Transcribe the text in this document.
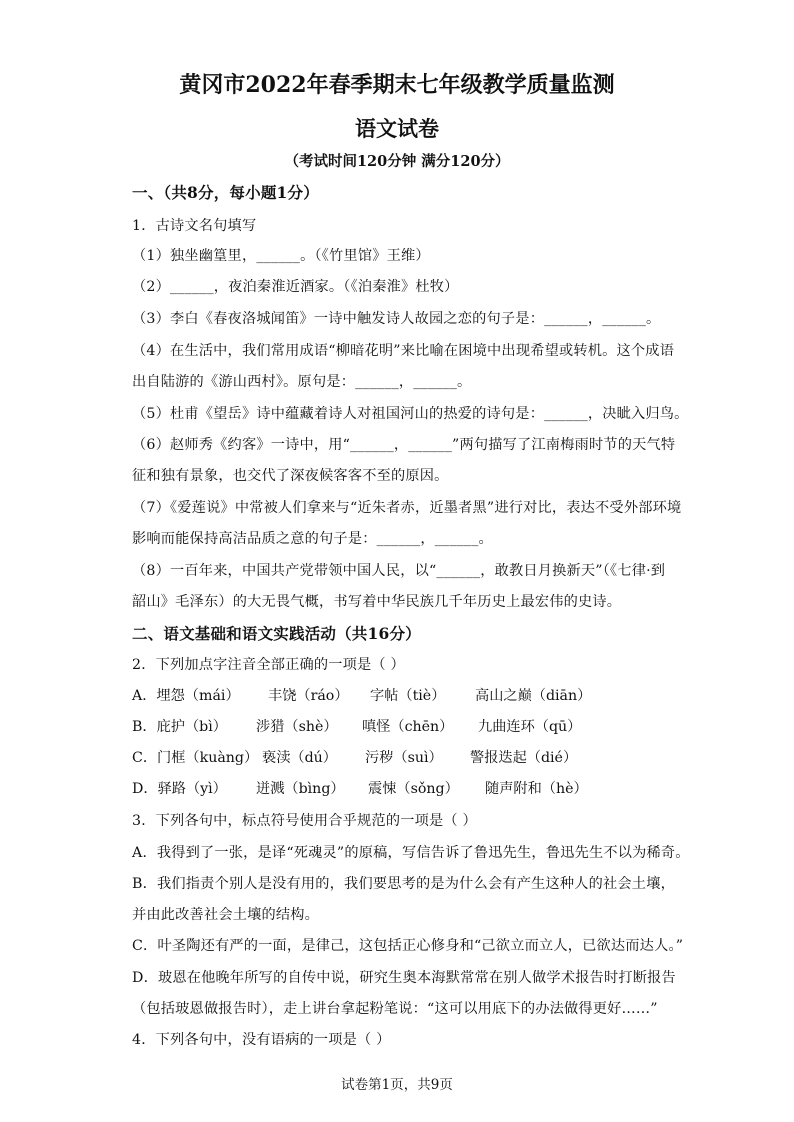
黄冈市2022年春季期末七年级教学质量监测
语文试卷
（考试时间120分钟 满分120分）
一、（共8分，每小题1分）
1．古诗文名句填写
（1）独坐幽篁里，______。（《竹里馆》王维）
（2）______，夜泊秦淮近酒家。（《泊秦淮》杜牧）
（3）李白《春夜洛城闻笛》一诗中触发诗人故园之恋的句子是：______，______。
（4）在生活中，我们常用成语“柳暗花明”来比喻在困境中出现希望或转机。这个成语
出自陆游的《游山西村》。原句是：______，______。
（5）杜甫《望岳》诗中蕴藏着诗人对祖国河山的热爱的诗句是：______，决眦入归鸟。
（6）赵师秀《约客》一诗中，用“______，______”两句描写了江南梅雨时节的天气特
征和独有景象，也交代了深夜候客客不至的原因。
（7）《爱莲说》中常被人们拿来与“近朱者赤，近墨者黑”进行对比，表达不受外部环境
影响而能保持高洁品质之意的句子是：______，______。
（8）一百年来，中国共产党带领中国人民，以“______，敢教日月换新天”（《七律·到
韶山》毛泽东）的大无畏气概，书写着中华民族几千年历史上最宏伟的史诗。
二、语文基础和语文实践活动（共16分）
2．下列加点字注音全部正确的一项是（ ）
A．埋怨（mái） 丰饶（ráo） 字帖（tiè） 高山之巅（diān）
B．庇护（bì） 涉猎（shè） 嗔怪（chēn） 九曲连环（qū）
C．门框（kuàng） 亵渎（dú） 污秽（suì） 警报迭起（dié）
D．驿路（yì） 迸溅（bìng） 震悚（sǒng） 随声附和（hè）
3．下列各句中，标点符号使用合乎规范的一项是（ ）
A．我得到了一张，是译“死魂灵”的原稿，写信告诉了鲁迅先生，鲁迅先生不以为稀奇。
B．我们指责个别人是没有用的，我们要思考的是为什么会有产生这种人的社会土壤，
并由此改善社会土壤的结构。
C．叶圣陶还有严的一面，是律己，这包括正心修身和“己欲立而立人，已欲达而达人。”
D．玻恩在他晚年所写的自传中说，研究生奥本海默常常在别人做学术报告时打断报告
（包括玻恩做报告时），走上讲台拿起粉笔说：“这可以用底下的办法做得更好……”
4．下列各句中，没有语病的一项是（ ）
试卷第1页，共9页
